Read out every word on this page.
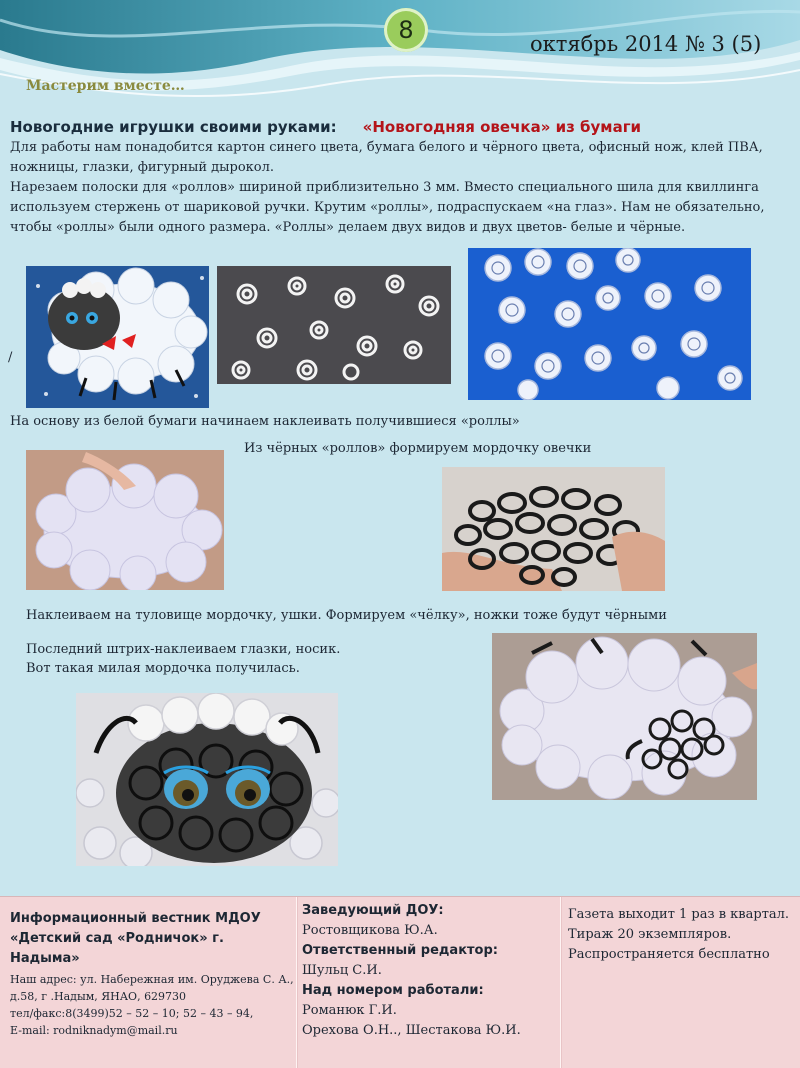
8	октябрь 2014 № 3 (5)
Мастерим вместе…
Новогодние игрушки своими руками: «Новогодняя овечка» из бумаги

Для работы нам понадобится картон синего цвета, бумага белого и чёрного цвета, офисный нож, клей ПВА, ножницы, глазки, фигурный дырокол.

Нарезаем полоски для «роллов» шириной приблизительно 3 мм. Вместо специального шила для квиллинга используем стержень от шариковой ручки. Крутим «роллы», подраспускаем «на глаз». Нам не обязательно, чтобы «роллы» были одного размера. «Роллы» делаем двух видов и двух цветов- белые и чёрные.

/

На основу из белой бумаги начинаем наклеивать получившиеся «роллы»

Из чёрных «роллов» формируем мордочку овечки

Наклеиваем на туловище мордочку, ушки. Формируем «чёлку», ножки тоже будут чёрными

Последний штрих-наклеиваем глазки, носик.

Вот такая милая мордочка получилась.

Информационный вестник МДОУ «Детский сад «Родничок» г. Надыма»
Наш адрес: ул. Набережная им. Оруджева С. А., д.58, г .Надым, ЯНАО, 629730
тел/факс:8(3499)52 – 52 – 10; 52 – 43 – 94,
E-mail: rodniknadym@mail.ru
Заведующий ДОУ:
Ростовщикова Ю.А.
Ответственный редактор:
Шульц С.И.
Над номером работали:
Романюк Г.И.
Орехова О.Н.., Шестакова Ю.И.
Газета выходит 1 раз в квартал.
Тираж 20 экземпляров.
Распространяется бесплатно
